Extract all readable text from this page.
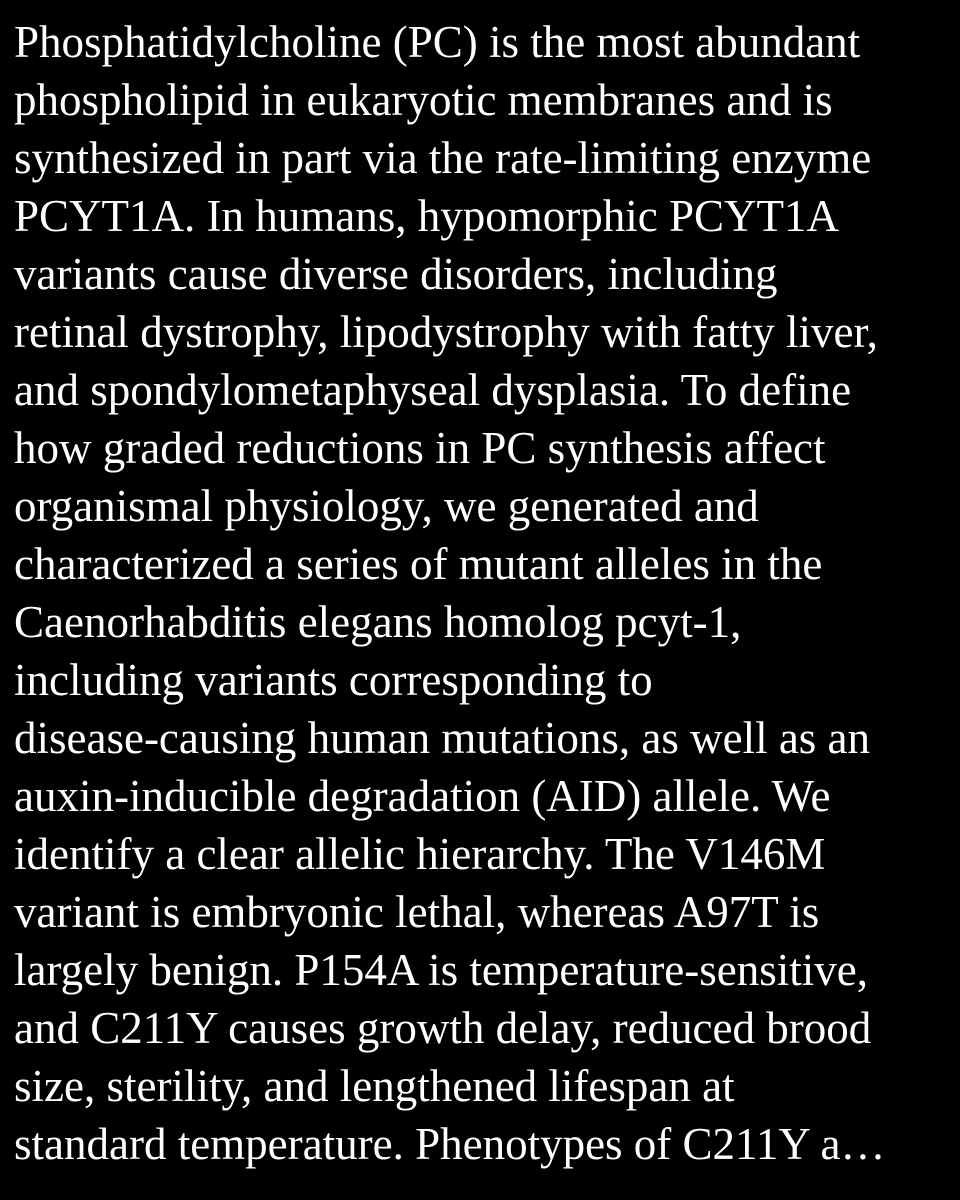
Phosphatidylcholine (PC) is the most abundant
phospholipid in eukaryotic membranes and is
synthesized in part via the rate-limiting enzyme
PCYT1A. In humans, hypomorphic PCYT1A
variants cause diverse disorders, including
retinal dystrophy, lipodystrophy with fatty liver,
and spondylometaphyseal dysplasia. To define
how graded reductions in PC synthesis affect
organismal physiology, we generated and
characterized a series of mutant alleles in the
Caenorhabditis elegans homolog pcyt-1,
including variants corresponding to
disease-causing human mutations, as well as an
auxin-inducible degradation (AID) allele. We
identify a clear allelic hierarchy. The V146M
variant is embryonic lethal, whereas A97T is
largely benign. P154A is temperature-sensitive,
and C211Y causes growth delay, reduced brood
size, sterility, and lengthened lifespan at
standard temperature. Phenotypes of C211Y a…
